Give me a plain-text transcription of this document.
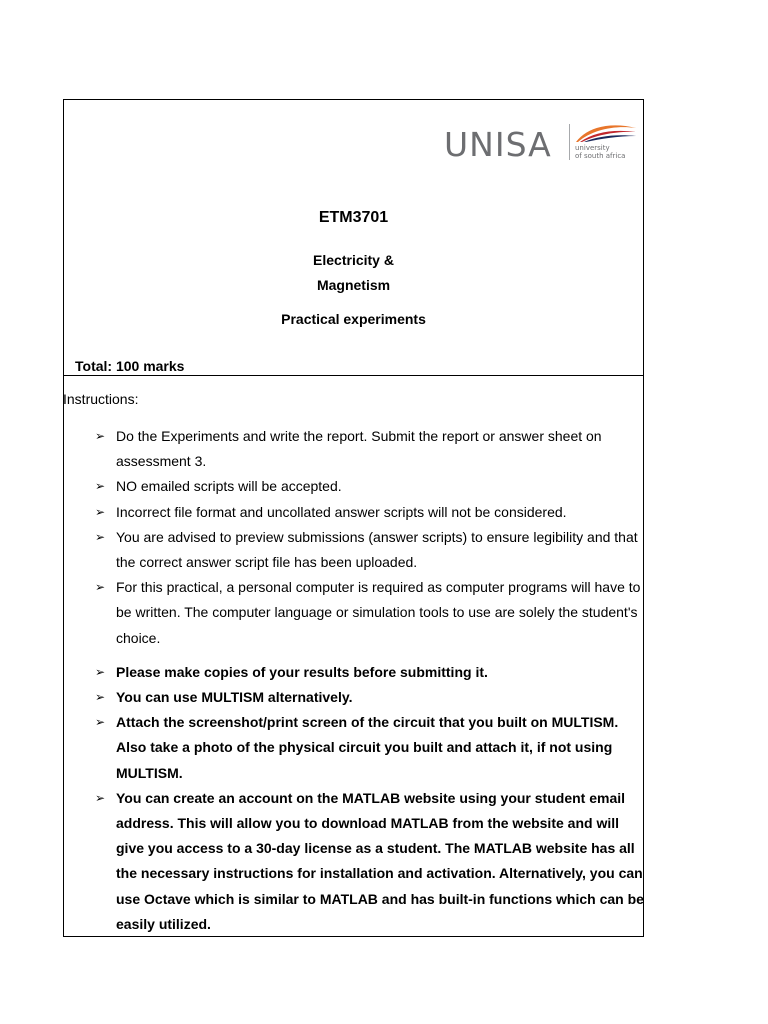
UNISA	university
of south africa
ETM3701
Electricity &
Magnetism
Practical experiments
Total: 100 marks
Instructions:
➢ Do the Experiments and write the report. Submit the report or answer sheet on assessment 3.
➢ NO emailed scripts will be accepted.
➢ Incorrect file format and uncollated answer scripts will not be considered.
➢ You are advised to preview submissions (answer scripts) to ensure legibility and that the correct answer script file has been uploaded.
➢ For this practical, a personal computer is required as computer programs will have to be written. The computer language or simulation tools to use are solely the student's choice.
➢ Please make copies of your results before submitting it.
➢ You can use MULTISM alternatively.
➢ Attach the screenshot/print screen of the circuit that you built on MULTISM. Also take a photo of the physical circuit you built and attach it, if not using MULTISM.
➢ You can create an account on the MATLAB website using your student email address. This will allow you to download MATLAB from the website and will give you access to a 30-day license as a student. The MATLAB website has all the necessary instructions for installation and activation. Alternatively, you can use Octave which is similar to MATLAB and has built-in functions which can be easily utilized.
